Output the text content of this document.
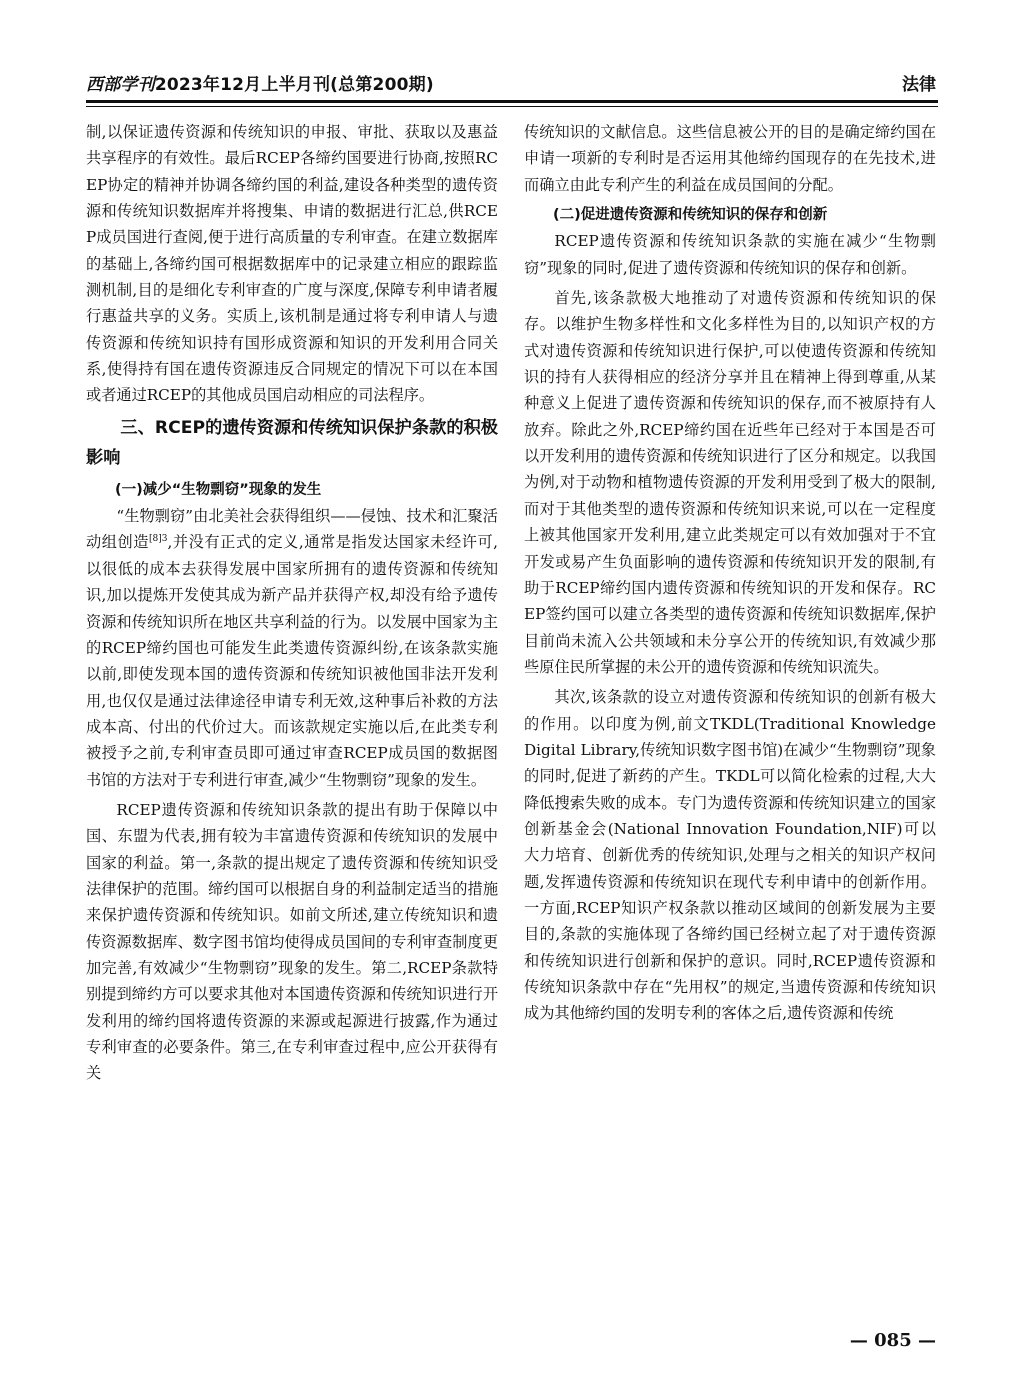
西部学刊2023年12月上半月刊(总第200期)	法律

制,以保证遗传资源和传统知识的申报、审批、获取以及惠益共享程序的有效性。最后RCEP各缔约国要进行协商,按照RCEP协定的精神并协调各缔约国的利益,建设各种类型的遗传资源和传统知识数据库并将搜集、申请的数据进行汇总,供RCEP成员国进行查阅,便于进行高质量的专利审查。在建立数据库的基础上,各缔约国可根据数据库中的记录建立相应的跟踪监测机制,目的是细化专利审查的广度与深度,保障专利申请者履行惠益共享的义务。实质上,该机制是通过将专利申请人与遗传资源和传统知识持有国形成资源和知识的开发利用合同关系,使得持有国在遗传资源违反合同规定的情况下可以在本国或者通过RCEP的其他成员国启动相应的司法程序。

三、RCEP的遗传资源和传统知识保护条款的积极影响
(一)减少“生物剽窃”现象的发生

“生物剽窃”由北美社会获得组织——侵蚀、技术和汇聚活动组创造$^{[8]3}$,并没有正式的定义,通常是指发达国家未经许可,以很低的成本去获得发展中国家所拥有的遗传资源和传统知识,加以提炼开发使其成为新产品并获得产权,却没有给予遗传资源和传统知识所在地区共享利益的行为。以发展中国家为主的RCEP缔约国也可能发生此类遗传资源纠纷,在该条款实施以前,即使发现本国的遗传资源和传统知识被他国非法开发利用,也仅仅是通过法律途径申请专利无效,这种事后补救的方法成本高、付出的代价过大。而该款规定实施以后,在此类专利被授予之前,专利审查员即可通过审查RCEP成员国的数据图书馆的方法对于专利进行审查,减少“生物剽窃”现象的发生。

RCEP遗传资源和传统知识条款的提出有助于保障以中国、东盟为代表,拥有较为丰富遗传资源和传统知识的发展中国家的利益。第一,条款的提出规定了遗传资源和传统知识受法律保护的范围。缔约国可以根据自身的利益制定适当的措施来保护遗传资源和传统知识。如前文所述,建立传统知识和遗传资源数据库、数字图书馆均使得成员国间的专利审查制度更加完善,有效减少“生物剽窃”现象的发生。第二,RCEP条款特别提到缔约方可以要求其他对本国遗传资源和传统知识进行开发利用的缔约国将遗传资源的来源或起源进行披露,作为通过专利审查的必要条件。第三,在专利审查过程中,应公开获得有关

传统知识的文献信息。这些信息被公开的目的是确定缔约国在申请一项新的专利时是否运用其他缔约国现存的在先技术,进而确立由此专利产生的利益在成员国间的分配。

(二)促进遗传资源和传统知识的保存和创新

RCEP遗传资源和传统知识条款的实施在减少“生物剽窃”现象的同时,促进了遗传资源和传统知识的保存和创新。

首先,该条款极大地推动了对遗传资源和传统知识的保存。以维护生物多样性和文化多样性为目的,以知识产权的方式对遗传资源和传统知识进行保护,可以使遗传资源和传统知识的持有人获得相应的经济分享并且在精神上得到尊重,从某种意义上促进了遗传资源和传统知识的保存,而不被原持有人放弃。除此之外,RCEP缔约国在近些年已经对于本国是否可以开发利用的遗传资源和传统知识进行了区分和规定。以我国为例,对于动物和植物遗传资源的开发利用受到了极大的限制,而对于其他类型的遗传资源和传统知识来说,可以在一定程度上被其他国家开发利用,建立此类规定可以有效加强对于不宜开发或易产生负面影响的遗传资源和传统知识开发的限制,有助于RCEP缔约国内遗传资源和传统知识的开发和保存。RCEP签约国可以建立各类型的遗传资源和传统知识数据库,保护目前尚未流入公共领域和未分享公开的传统知识,有效减少那些原住民所掌握的未公开的遗传资源和传统知识流失。

其次,该条款的设立对遗传资源和传统知识的创新有极大的作用。以印度为例,前文TKDL(Traditional Knowledge Digital Library,传统知识数字图书馆)在减少“生物剽窃”现象的同时,促进了新药的产生。TKDL可以简化检索的过程,大大降低搜索失败的成本。专门为遗传资源和传统知识建立的国家创新基金会(National Innovation Foundation,NIF)可以大力培育、创新优秀的传统知识,处理与之相关的知识产权问题,发挥遗传资源和传统知识在现代专利申请中的创新作用。一方面,RCEP知识产权条款以推动区域间的创新发展为主要目的,条款的实施体现了各缔约国已经树立起了对于遗传资源和传统知识进行创新和保护的意识。同时,RCEP遗传资源和传统知识条款中存在“先用权”的规定,当遗传资源和传统知识成为其他缔约国的发明专利的客体之后,遗传资源和传统

— 085 —
